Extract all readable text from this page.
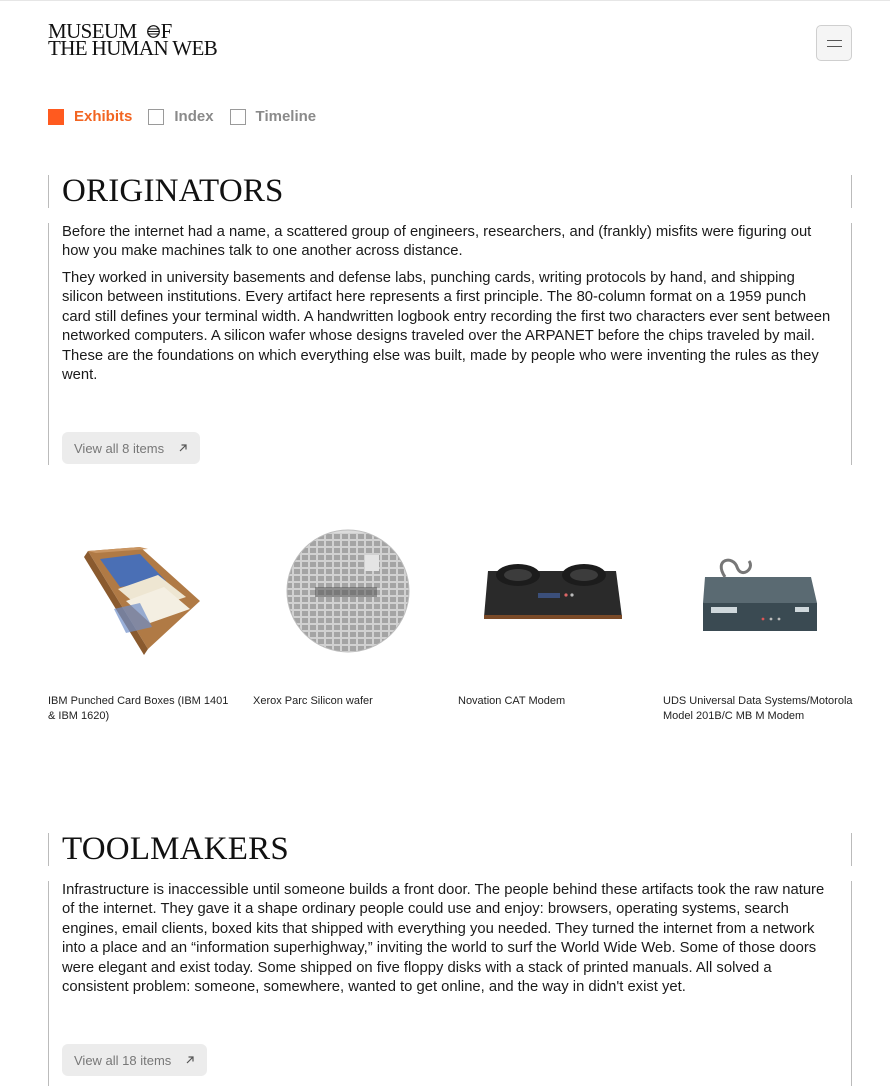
MUSEUM F
THE HUMAN WEB
Exhibits	Index	Timeline
ORIGINATORS

Before the internet had a name, a scattered group of engineers, researchers, and (frankly) misfits were figuring out how you make machines talk to one another across distance.

They worked in university basements and defense labs, punching cards, writing protocols by hand, and shipping silicon between institutions. Every artifact here represents a first principle. The 80-column format on a 1959 punch card still defines your terminal width. A handwritten logbook entry recording the first two characters ever sent between networked computers. A silicon wafer whose designs traveled over the ARPANET before the chips traveled by mail. These are the foundations on which everything else was built, made by people who were inventing the rules as they went.

View all 8 items
IBM Punched Card Boxes (IBM 1401 & IBM 1620)
Xerox Parc Silicon wafer	Novation CAT Modem	UDS Universal Data Systems/Motorola Model 201B/C MB M Modem
TOOLMAKERS

Infrastructure is inaccessible until someone builds a front door. The people behind these artifacts took the raw nature of the internet. They gave it a shape ordinary people could use and enjoy: browsers, operating systems, search engines, email clients, boxed kits that shipped with everything you needed. They turned the internet from a network into a place and an “information superhighway,” inviting the world to surf the World Wide Web. Some of those doors were elegant and exist today. Some shipped on five floppy disks with a stack of printed manuals. All solved a consistent problem: someone, somewhere, wanted to get online, and the way in didn't exist yet.

View all 18 items
